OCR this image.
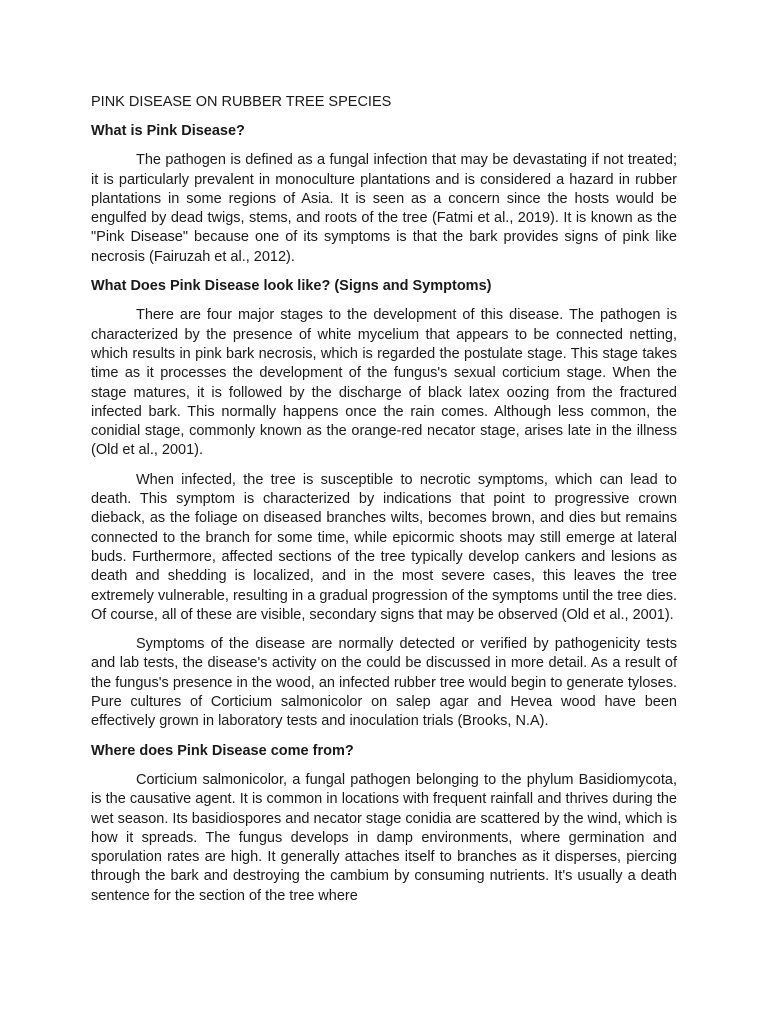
PINK DISEASE ON RUBBER TREE SPECIES
What is Pink Disease?

The pathogen is defined as a fungal infection that may be devastating if not treated; it is particularly prevalent in monoculture plantations and is considered a hazard in rubber plantations in some regions of Asia. It is seen as a concern since the hosts would be engulfed by dead twigs, stems, and roots of the tree (Fatmi et al., 2019). It is known as the "Pink Disease" because one of its symptoms is that the bark provides signs of pink like necrosis (Fairuzah et al., 2012).

What Does Pink Disease look like? (Signs and Symptoms)

There are four major stages to the development of this disease. The pathogen is characterized by the presence of white mycelium that appears to be connected netting, which results in pink bark necrosis, which is regarded the postulate stage. This stage takes time as it processes the development of the fungus's sexual corticium stage. When the stage matures, it is followed by the discharge of black latex oozing from the fractured infected bark. This normally happens once the rain comes. Although less common, the conidial stage, commonly known as the orange-red necator stage, arises late in the illness (Old et al., 2001).

When infected, the tree is susceptible to necrotic symptoms, which can lead to death. This symptom is characterized by indications that point to progressive crown dieback, as the foliage on diseased branches wilts, becomes brown, and dies but remains connected to the branch for some time, while epicormic shoots may still emerge at lateral buds. Furthermore, affected sections of the tree typically develop cankers and lesions as death and shedding is localized, and in the most severe cases, this leaves the tree extremely vulnerable, resulting in a gradual progression of the symptoms until the tree dies. Of course, all of these are visible, secondary signs that may be observed (Old et al., 2001).

Symptoms of the disease are normally detected or verified by pathogenicity tests and lab tests, the disease's activity on the could be discussed in more detail. As a result of the fungus's presence in the wood, an infected rubber tree would begin to generate tyloses. Pure cultures of Corticium salmonicolor on salep agar and Hevea wood have been effectively grown in laboratory tests and inoculation trials (Brooks, N.A).

Where does Pink Disease come from?

Corticium salmonicolor, a fungal pathogen belonging to the phylum Basidiomycota, is the causative agent. It is common in locations with frequent rainfall and thrives during the wet season. Its basidiospores and necator stage conidia are scattered by the wind, which is how it spreads. The fungus develops in damp environments, where germination and sporulation rates are high. It generally attaches itself to branches as it disperses, piercing through the bark and destroying the cambium by consuming nutrients. It's usually a death sentence for the section of the tree where
